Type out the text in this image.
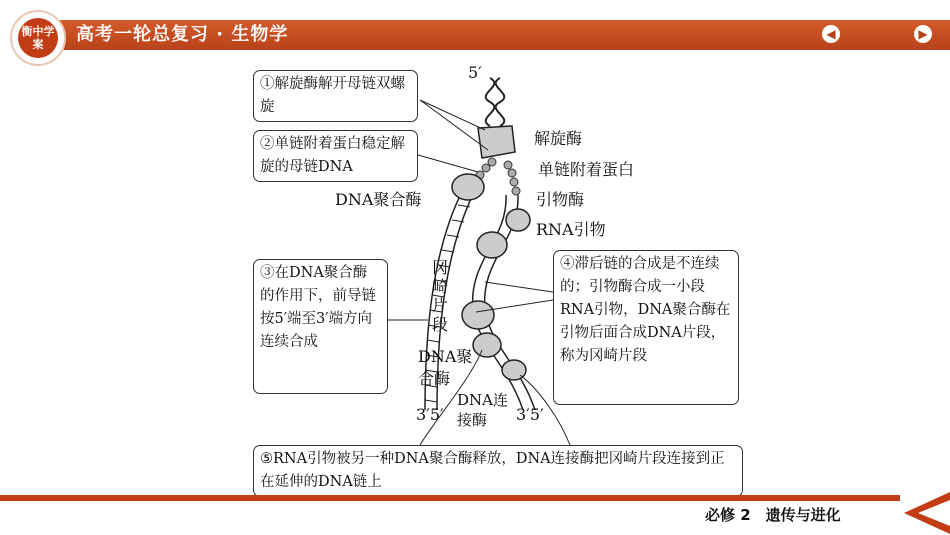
衡中学案	高考一轮总复习 · 生物学	◀	▶
①解旋酶解开母链双螺旋
②单链附着蛋白稳定解旋的母链DNA
③在DNA聚合酶的作用下，前导链按5′端至3′端方向连续合成
④滞后链的合成是不连续的；引物酶合成一小段RNA引物，DNA聚合酶在引物后面合成DNA片段，称为冈崎片段
⑤RNA引物被另一种DNA聚合酶释放，DNA连接酶把冈崎片段连接到正在延伸的DNA链上
5′
解旋酶
单链附着蛋白
引物酶
RNA引物
DNA聚合酶
冈崎片段
DNA聚合酶
DNA连接酶
3′5′	3′5′
必修 2　遗传与进化
